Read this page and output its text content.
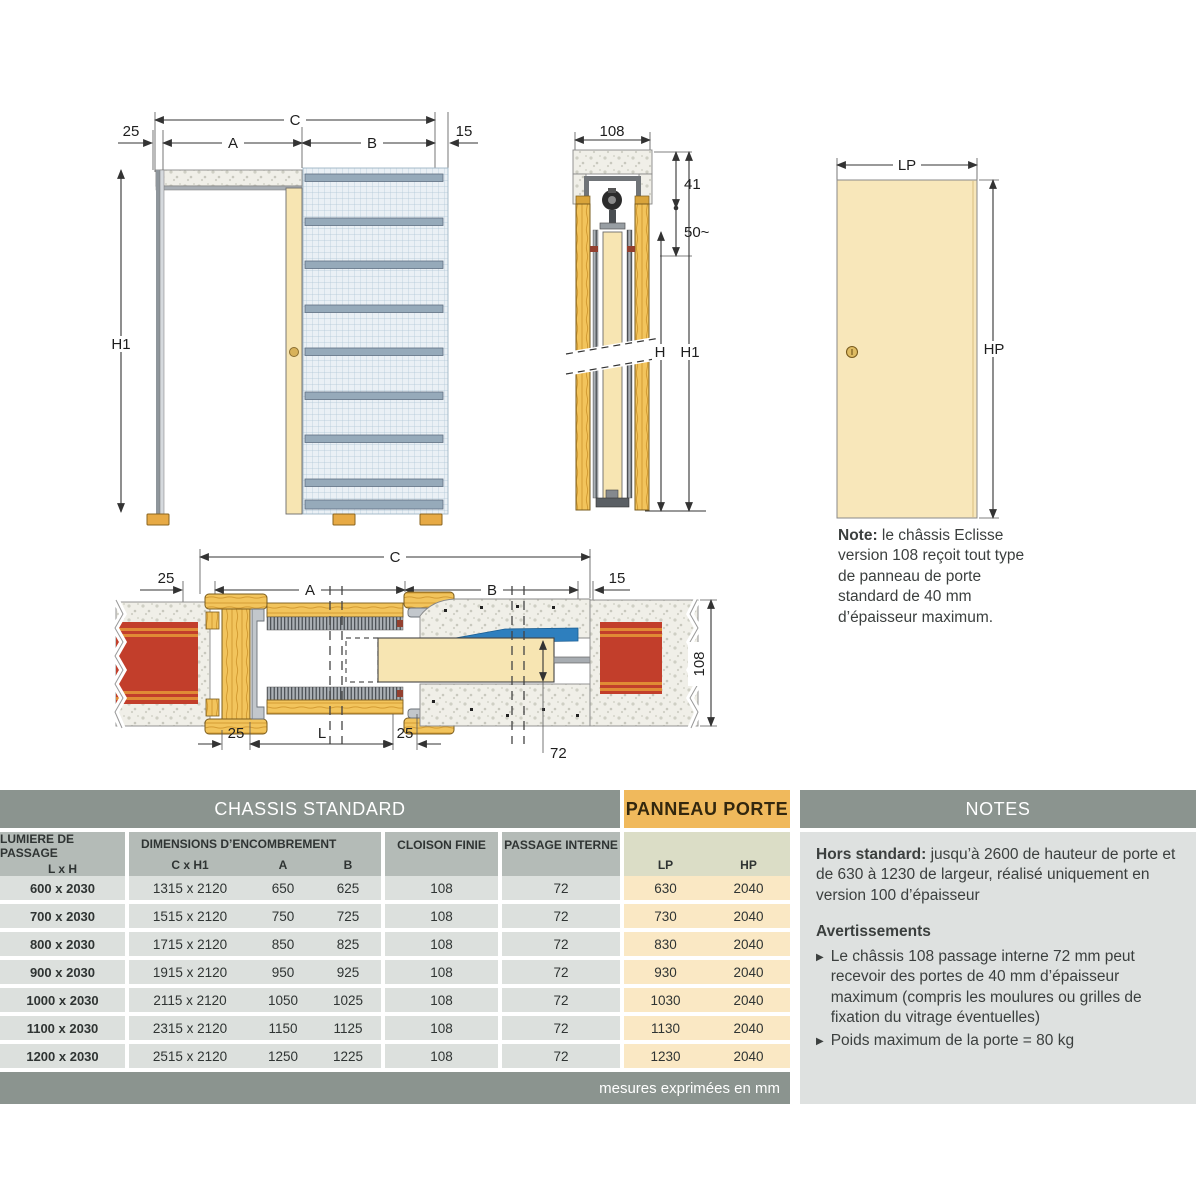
C
25
A	B
15
H1
108
41
50~
H H1
LP
HP
C
25
A	B
15
108
25	L	25
72
Note: le châssis Eclisse version 108 reçoit tout type de panneau de porte standard de 40 mm d’épaisseur maximum.
CHASSIS STANDARD	PANNEAU PORTE
LUMIERE DE PASSAGE
L x H
DIMENSIONS D’ENCOMBREMENT
C x H1	A	B
CLOISON FINIE	PASSAGE INTERNE
LP	HP
600 x 2030	1315 x 2120	650	625	108	72	630	2040
700 x 2030	1515 x 2120	750	725	108	72	730	2040
800 x 2030	1715 x 2120	850	825	108	72	830	2040
900 x 2030	1915 x 2120	950	925	108	72	930	2040
1000 x 2030	2115 x 2120	1050	1025	108	72	1030	2040
1100 x 2030	2315 x 2120	1150	1125	108	72	1130	2040
1200 x 2030	2515 x 2120	1250	1225	108	72	1230	2040
mesures exprimées en mm
NOTES

Hors standard: jusqu’à 2600 de hauteur de porte et de 630 à 1230 de largeur, réalisé uniquement en version 100 d’épaisseur

Avertissements

▶ Le châssis 108 passage interne 72 mm peut recevoir des portes de 40 mm d’épaisseur maximum (compris les moulures ou grilles de fixation du vitrage éventuelles)
▶ Poids maximum de la porte = 80 kg
